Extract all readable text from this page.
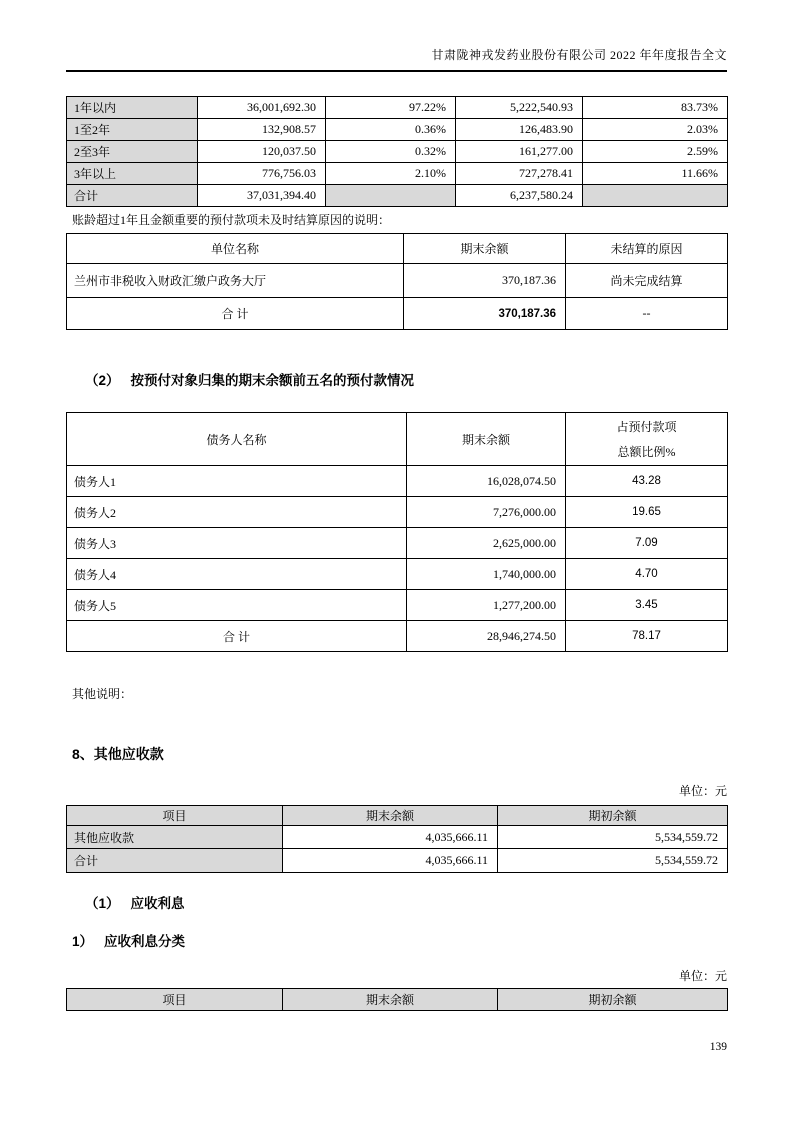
甘肃陇神戎发药业股份有限公司 2022 年年度报告全文
1年以内	36,001,692.30	97.22%	5,222,540.93	83.73%
1至2年	132,908.57	0.36%	126,483.90	2.03%
2至3年	120,037.50	0.32%	161,277.00	2.59%
3年以上	776,756.03	2.10%	727,278.41	11.66%
合计	37,031,394.40		6,237,580.24	
账龄超过1年且金额重要的预付款项未及时结算原因的说明：
单位名称	期末余额	未结算的原因
兰州市非税收入财政汇缴户政务大厅	370,187.36	尚未完成结算
合 计	370,187.36	--
（2） 按预付对象归集的期末余额前五名的预付款情况
债务人名称	期末余额	占预付款项
总额比例%

债务人1	16,028,074.50	43.28
债务人2	7,276,000.00	19.65
债务人3	2,625,000.00	7.09
债务人4	1,740,000.00	4.70
债务人5	1,277,200.00	3.45
合 计	28,946,274.50	78.17
其他说明：
8、其他应收款
单位：元
项目	期末余额	期初余额
其他应收款	4,035,666.11	5,534,559.72
合计	4,035,666.11	5,534,559.72
（1） 应收利息
1） 应收利息分类
单位：元
项目	期末余额	期初余额
139
